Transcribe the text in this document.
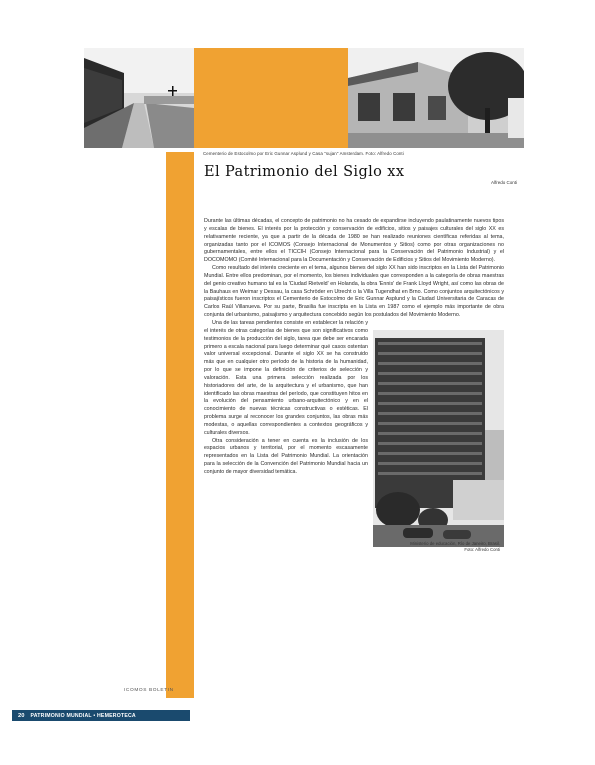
Cementerio de Estocolmo por Eric Gunnar Asplund y Casa "sujan" Amsterdam. Foto: Alfredo Conti
El Patrimonio del Siglo xx
Alfredo Conti

Durante las últimas décadas, el concepto de patrimonio no ha cesado de expandirse incluyendo paulatinamente nuevos tipos y escalas de bienes. El interés por la protección y conservación de edificios, sitios y paisajes culturales del siglo XX es relativamente reciente, ya que a partir de la década de 1980 se han realizado reuniones científicas referidas al tema, organizadas tanto por el ICOMOS (Consejo Internacional de Monumentos y Sitios) como por otras organizaciones no gubernamentales, entre ellos el TICCIH (Consejo Internacional para la Conservación del Patrimonio Industrial) y el DOCOMOMO (Comité Internacional para la Documentación y Conservación de Edificios y Sitios del Movimiento Moderno).

Como resultado del interés creciente en el tema, algunos bienes del siglo XX han sido inscriptos en la Lista del Patrimonio Mundial. Entre ellos predominan, por el momento, los bienes individuales que corresponden a la categoría de obras maestras del genio creativo humano tal es la 'Ciudad Rietveld' en Holanda, la obra 'Ennis' de Frank Lloyd Wright, así como las obras de la Bauhaus en Weimar y Dessau, la casa Schröder en Utrecht o la Villa Tugendhat en Brno. Como conjuntos arquitectónicos y paisajísticos fueron inscriptos el Cementerio de Estocolmo de Eric Gunnar Asplund y la Ciudad Universitaria de Caracas de Carlos Raúl Villanueva. Por su parte, Brasilia fue inscripta en la Lista en 1987 como el ejemplo más importante de obra conjunta del urbanismo, paisajismo y arquitectura concebido según los postulados del Movimiento Moderno.

Ministerio de educación, Río de Janeiro, Brasil.
Foto: Alfredo Conti

Una de las tareas pendientes consiste en establecer la relación y el interés de otras categorías de bienes que son significativos como testimonios de la producción del siglo, tarea que debe ser encarada primero a escala nacional para luego determinar qué casos ostentan valor universal excepcional. Durante el siglo XX se ha construido más que en cualquier otro período de la historia de la humanidad, por lo que se impone la definición de criterios de selección y valoración. Esta una primera selección realizada por los historiadores del arte, de la arquitectura y el urbanismo, que han identificado las obras maestras del período, que constituyen hitos en la evolución del pensamiento urbano-arquitectónico y en el conocimiento de nuevas técnicas constructivas o estéticas. El problema surge al reconocer los grandes conjuntos, las obras más modestas, o aquellas correspondientes a contextos geográficos y culturales diversos.

Otra consideración a tener en cuenta es la inclusión de los espacios urbanos y territorial, por el momento escasamente representados en la Lista del Patrimonio Mundial. La orientación para la selección de la Convención del Patrimonio Mundial hacia un conjunto de mayor diversidad temática.

ICOMOS BOLETIN
20 PATRIMONIO MUNDIAL • HEMEROTECA
